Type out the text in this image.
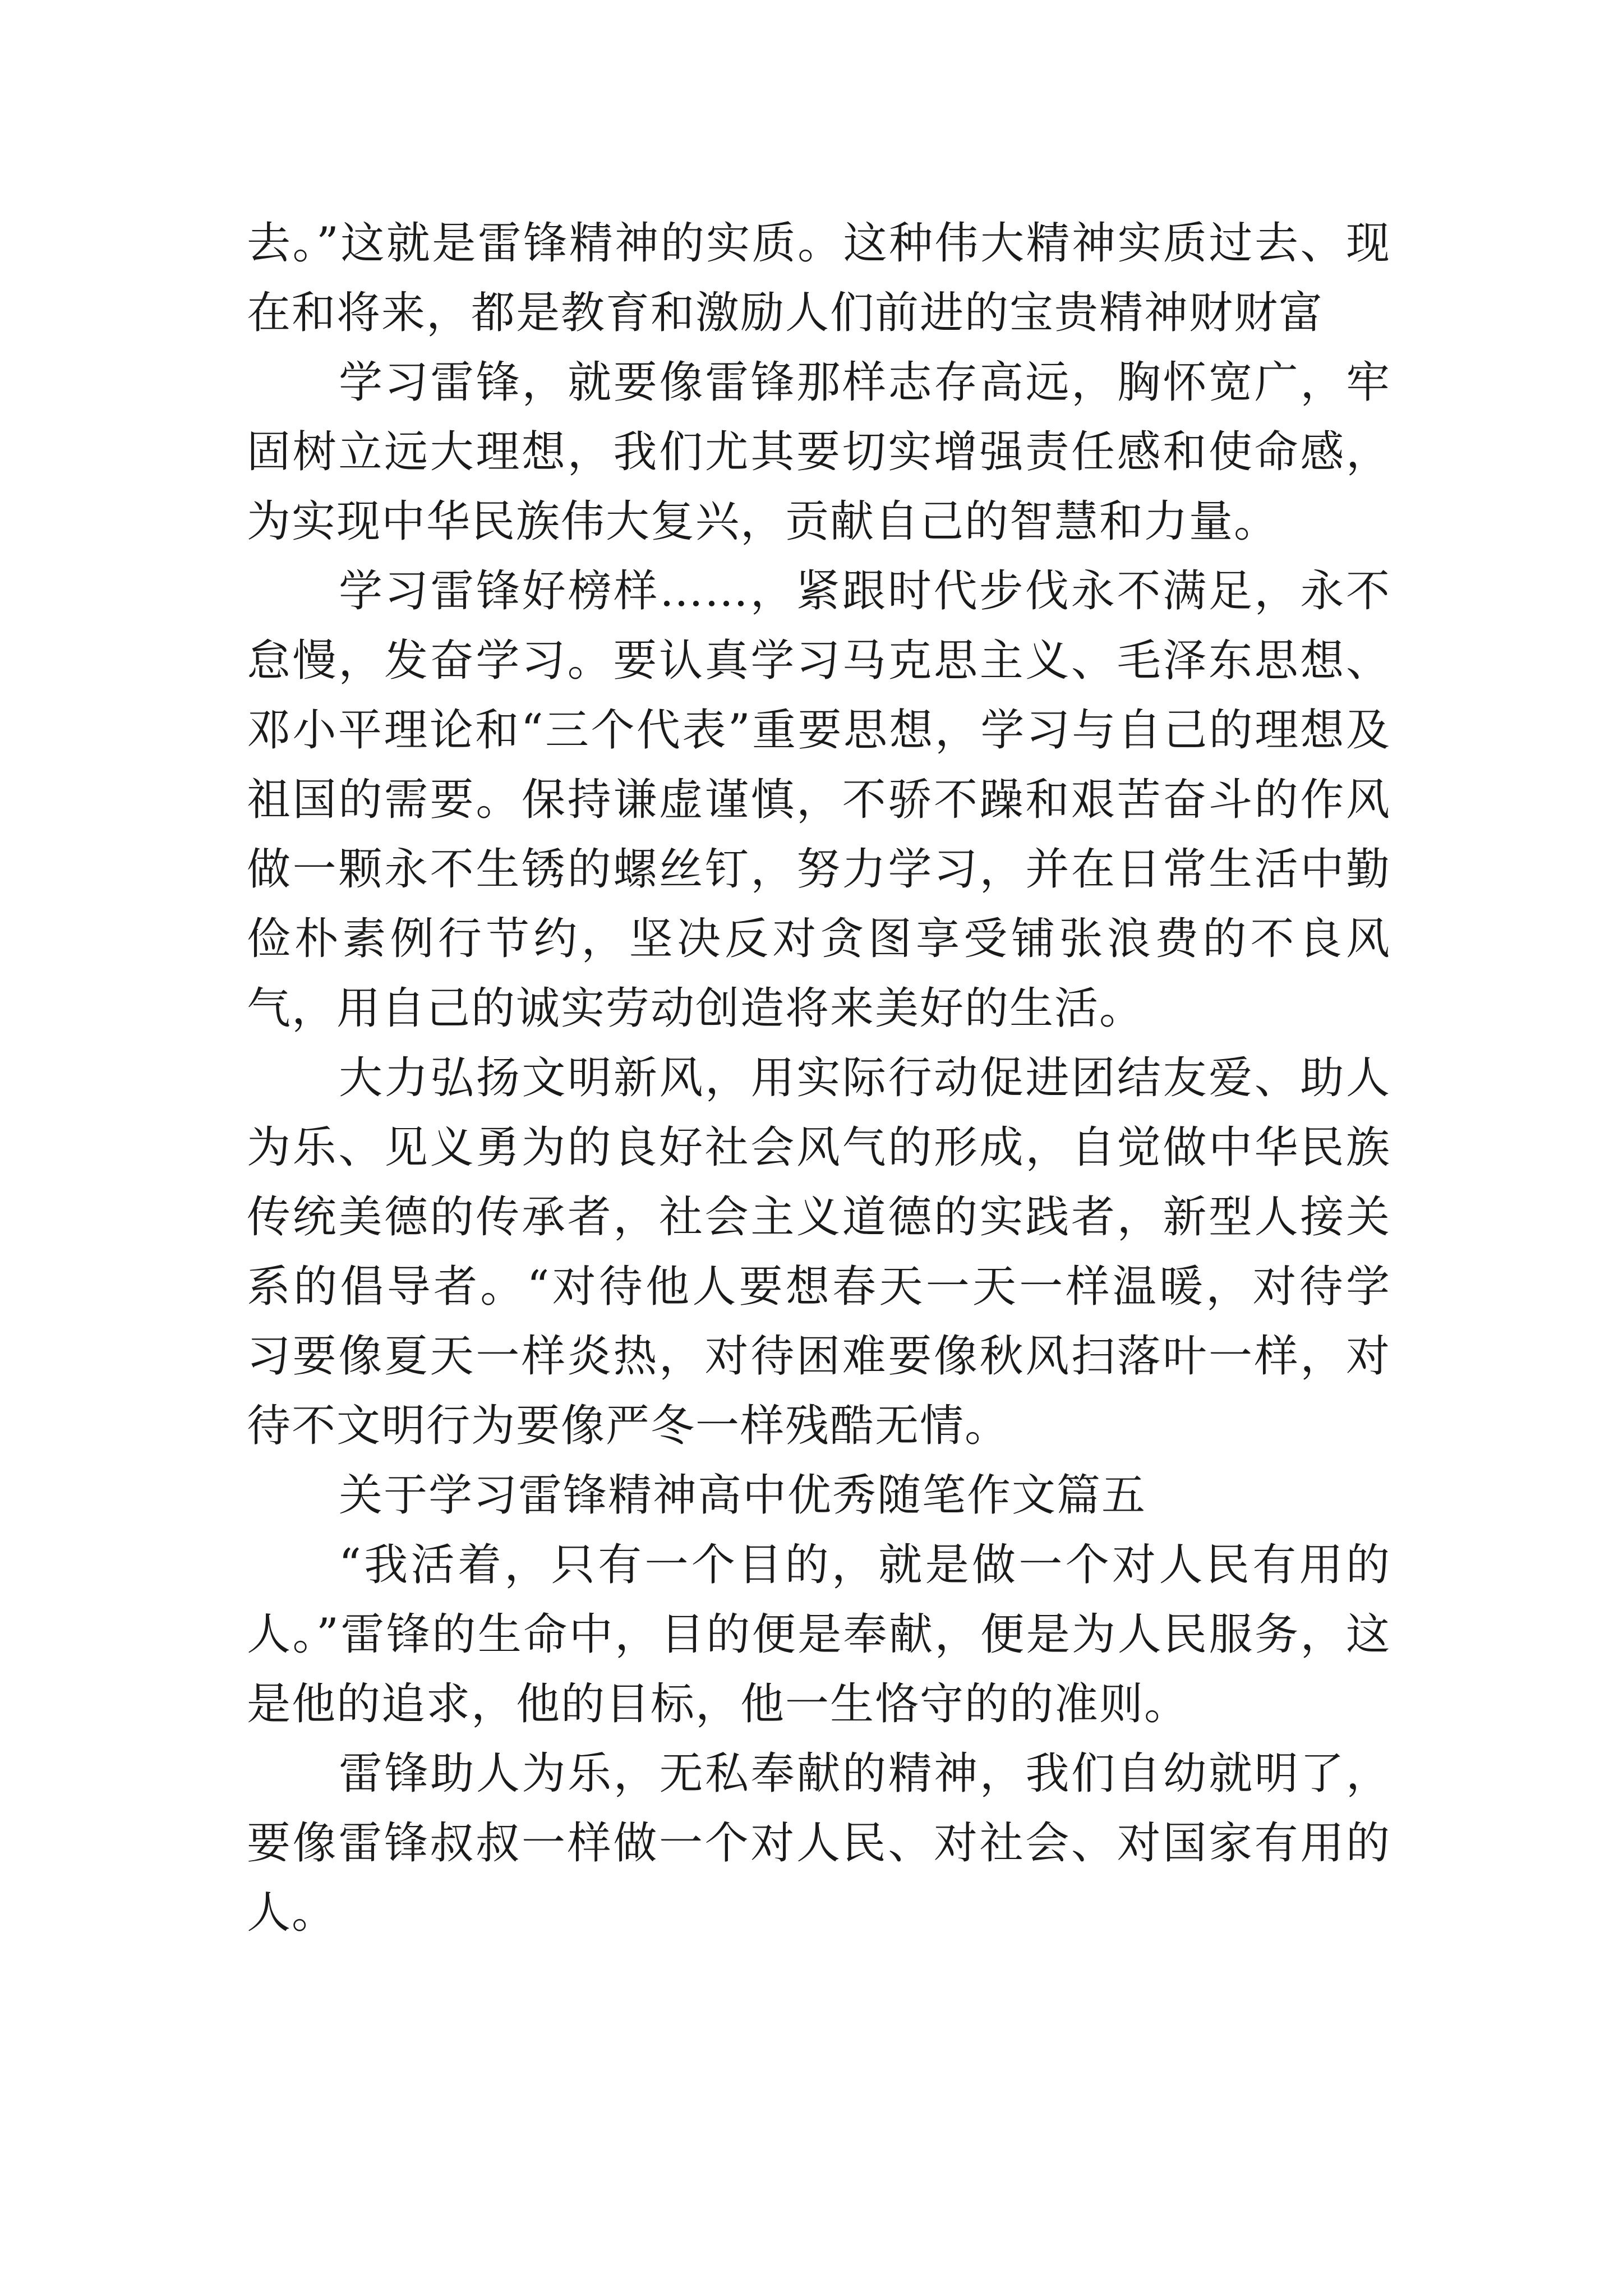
去。”这就是雷锋精神的实质。这种伟大精神实质过去、现在和将来，都是教育和激励人们前进的宝贵精神财财富

学习雷锋，就要像雷锋那样志存高远，胸怀宽广，牢固树立远大理想，我们尤其要切实增强责任感和使命感，为实现中华民族伟大复兴，贡献自己的智慧和力量。

学习雷锋好榜样……，紧跟时代步伐永不满足，永不怠慢，发奋学习。要认真学习马克思主义、毛泽东思想、邓小平理论和“三个代表”重要思想，学习与自己的理想及祖国的需要。保持谦虚谨慎，不骄不躁和艰苦奋斗的作风做一颗永不生锈的螺丝钉，努力学习，并在日常生活中勤俭朴素例行节约，坚决反对贪图享受铺张浪费的不良风气，用自己的诚实劳动创造将来美好的生活。

大力弘扬文明新风，用实际行动促进团结友爱、助人为乐、见义勇为的良好社会风气的形成，自觉做中华民族传统美德的传承者，社会主义道德的实践者，新型人接关系的倡导者。“对待他人要想春天一天一样温暖，对待学习要像夏天一样炎热，对待困难要像秋风扫落叶一样，对待不文明行为要像严冬一样残酷无情。

关于学习雷锋精神高中优秀随笔作文篇五

“我活着，只有一个目的，就是做一个对人民有用的人。”雷锋的生命中，目的便是奉献，便是为人民服务，这是他的追求，他的目标，他一生恪守的的准则。

雷锋助人为乐，无私奉献的精神，我们自幼就明了，要像雷锋叔叔一样做一个对人民、对社会、对国家有用的人。
